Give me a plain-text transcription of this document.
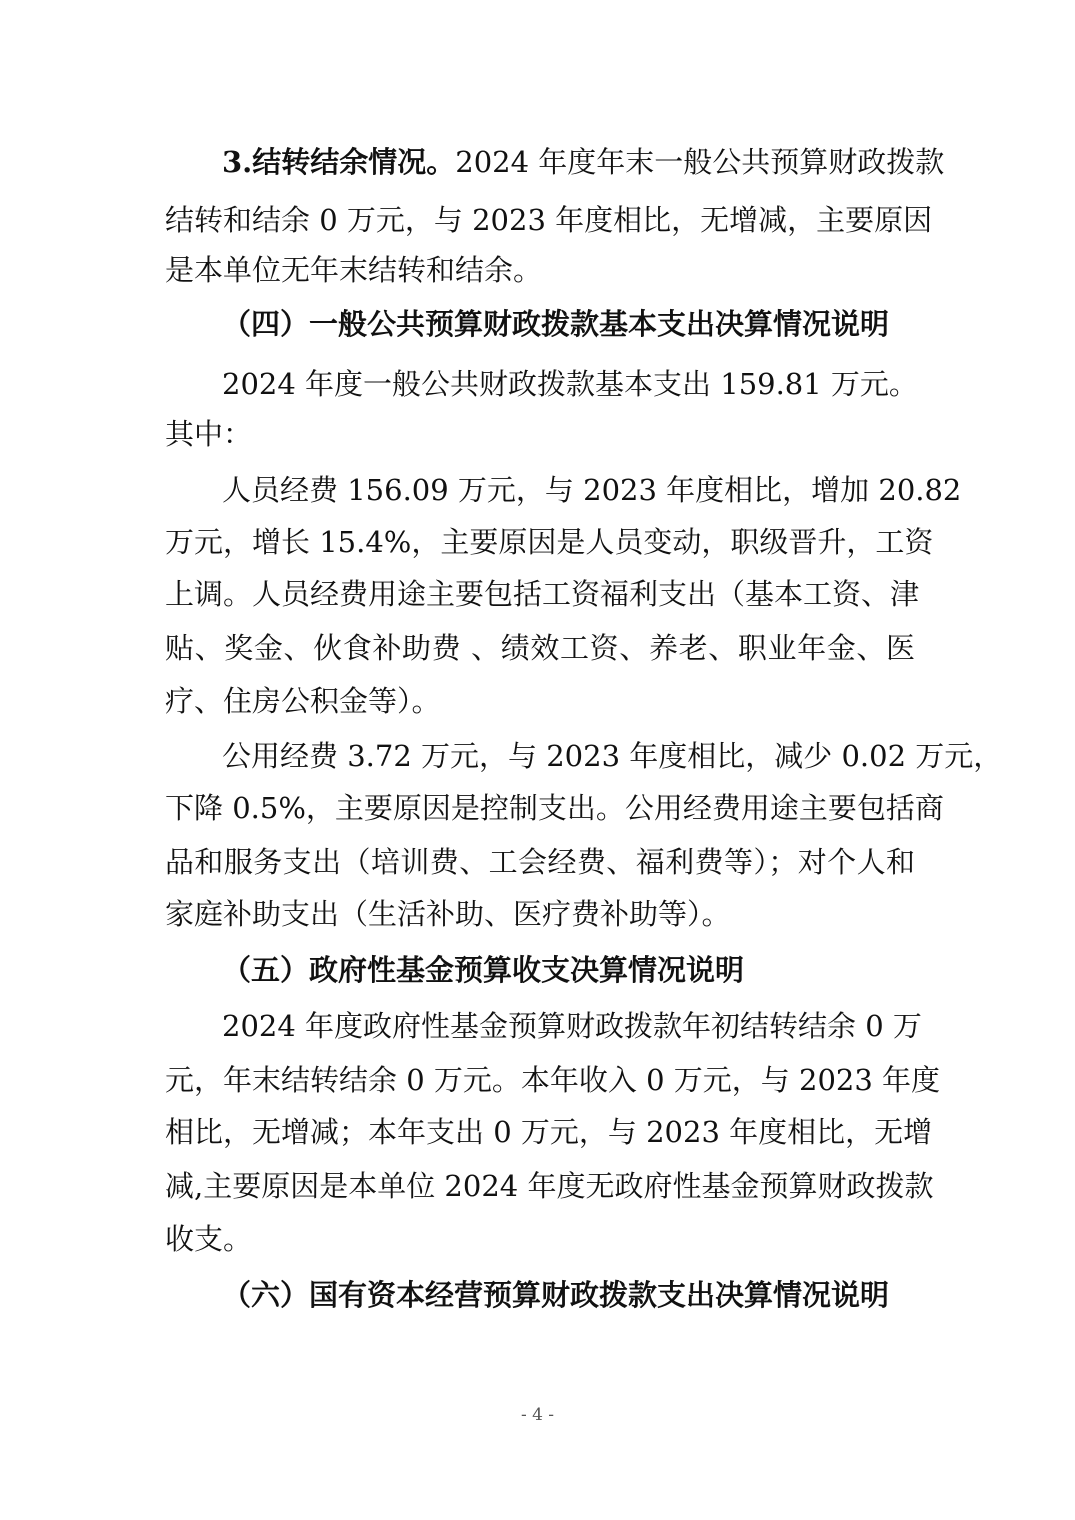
3.结转结余情况。2024 年度年末一般公共预算财政拨款
结转和结余 0 万元，与 2023 年度相比，无增减，主要原因
是本单位无年末结转和结余。
（四）一般公共预算财政拨款基本支出决算情况说明
2024 年度一般公共财政拨款基本支出 159.81 万元。
其中：
人员经费 156.09 万元，与 2023 年度相比，增加 20.82
万元，增长 15.4%，主要原因是人员变动，职级晋升，工资
上调。人员经费用途主要包括工资福利支出（基本工资、津
贴、奖金、伙食补助费 、绩效工资、养老、职业年金、医
疗、住房公积金等）。
公用经费 3.72 万元，与 2023 年度相比，减少 0.02 万元，
下降 0.5%，主要原因是控制支出。公用经费用途主要包括商
品和服务支出（培训费、工会经费、福利费等）；对个人和
家庭补助支出（生活补助、医疗费补助等）。
（五）政府性基金预算收支决算情况说明
2024 年度政府性基金预算财政拨款年初结转结余 0 万
元，年末结转结余 0 万元。本年收入 0 万元，与 2023 年度
相比，无增减；本年支出 0 万元，与 2023 年度相比，无增
减,主要原因是本单位 2024 年度无政府性基金预算财政拨款
收支。
（六）国有资本经营预算财政拨款支出决算情况说明
- 4 -
